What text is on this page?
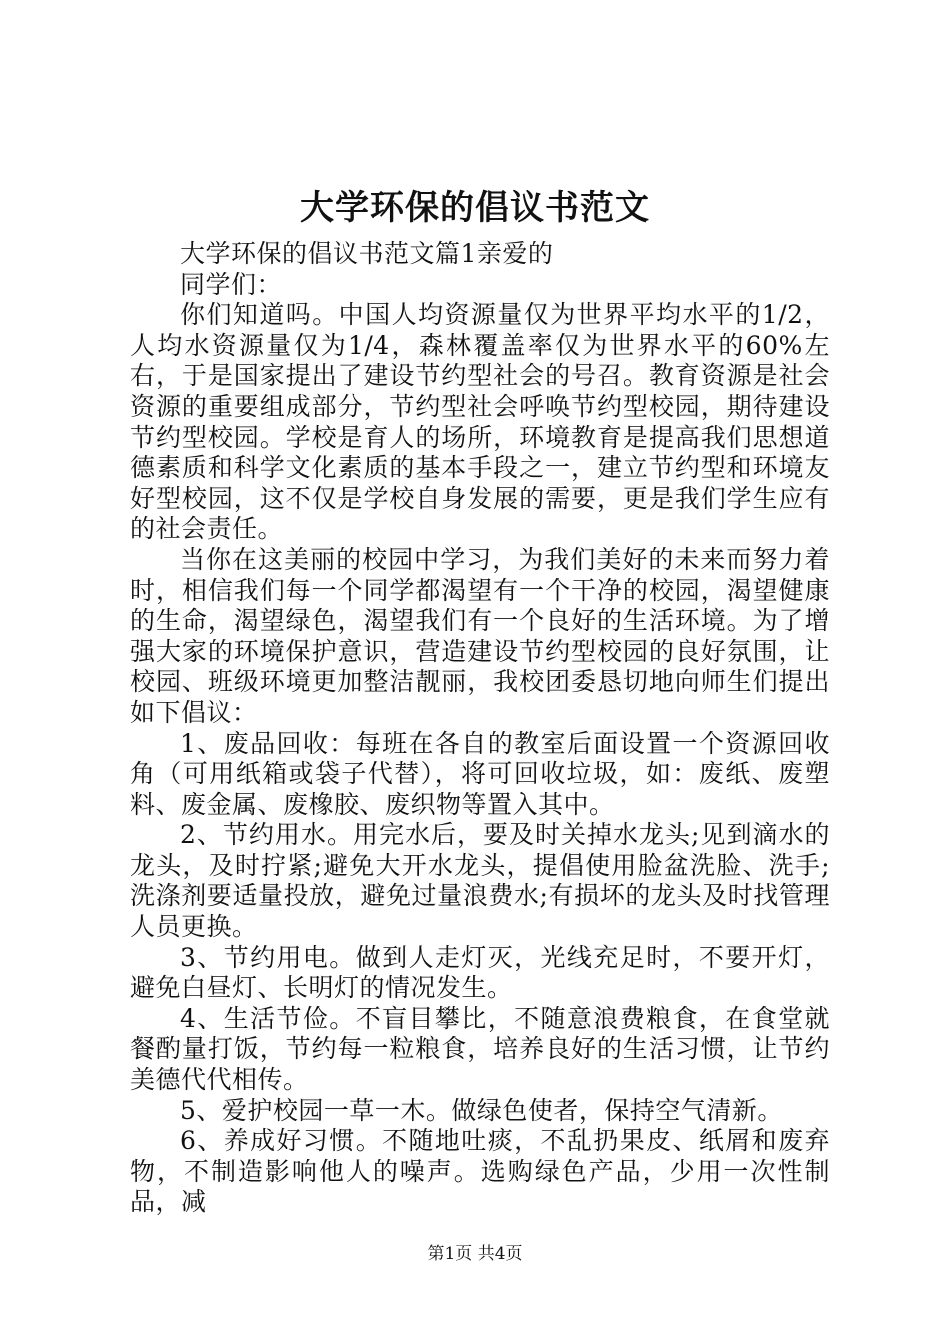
大学环保的倡议书范文

大学环保的倡议书范文篇1亲爱的

同学们：

你们知道吗。中国人均资源量仅为世界平均水平的1/2，人均水资源量仅为1/4，森林覆盖率仅为世界水平的60%左右，于是国家提出了建设节约型社会的号召。教育资源是社会资源的重要组成部分，节约型社会呼唤节约型校园，期待建设节约型校园。学校是育人的场所，环境教育是提高我们思想道德素质和科学文化素质的基本手段之一，建立节约型和环境友好型校园，这不仅是学校自身发展的需要，更是我们学生应有的社会责任。

当你在这美丽的校园中学习，为我们美好的未来而努力着时，相信我们每一个同学都渴望有一个干净的校园，渴望健康的生命，渴望绿色，渴望我们有一个良好的生活环境。为了增强大家的环境保护意识，营造建设节约型校园的良好氛围，让校园、班级环境更加整洁靓丽，我校团委恳切地向师生们提出如下倡议：

1、废品回收：每班在各自的教室后面设置一个资源回收角（可用纸箱或袋子代替），将可回收垃圾，如：废纸、废塑料、废金属、废橡胶、废织物等置入其中。

2、节约用水。用完水后，要及时关掉水龙头;见到滴水的龙头，及时拧紧;避免大开水龙头，提倡使用脸盆洗脸、洗手;洗涤剂要适量投放，避免过量浪费水;有损坏的龙头及时找管理人员更换。

3、节约用电。做到人走灯灭，光线充足时，不要开灯，避免白昼灯、长明灯的情况发生。

4、生活节俭。不盲目攀比，不随意浪费粮食，在食堂就餐酌量打饭，节约每一粒粮食，培养良好的生活习惯，让节约美德代代相传。

5、爱护校园一草一木。做绿色使者，保持空气清新。

6、养成好习惯。不随地吐痰，不乱扔果皮、纸屑和废弃物，不制造影响他人的噪声。选购绿色产品，少用一次性制品，减

第1页 共4页
